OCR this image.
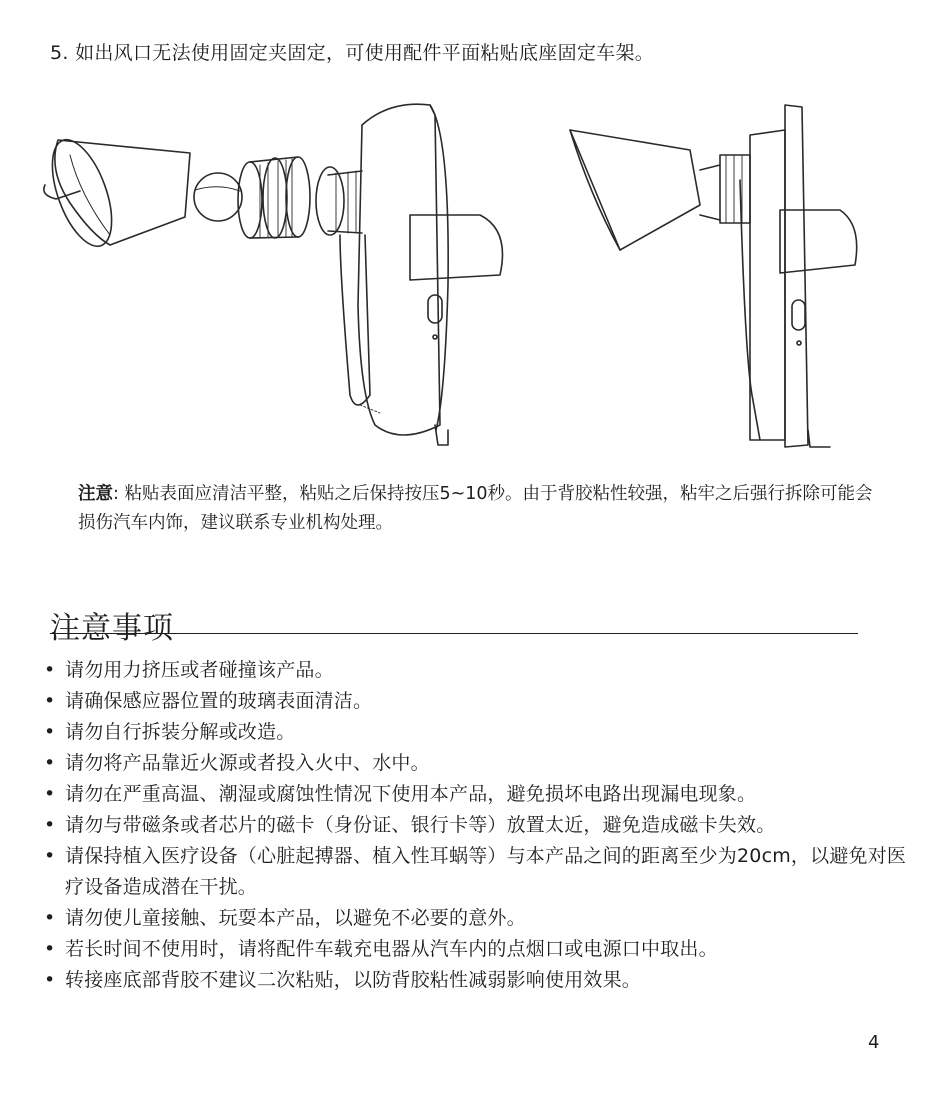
5. 如出风口无法使用固定夹固定，可使用配件平面粘贴底座固定车架。
注意: 粘贴表面应清洁平整，粘贴之后保持按压5~10秒。由于背胶粘性较强，粘牢之后强行拆除可能会损伤汽车内饰，建议联系专业机构处理。
注意事项
• 请勿用力挤压或者碰撞该产品。
• 请确保感应器位置的玻璃表面清洁。
• 请勿自行拆装分解或改造。
• 请勿将产品靠近火源或者投入火中、水中。
• 请勿在严重高温、潮湿或腐蚀性情况下使用本产品，避免损坏电路出现漏电现象。
• 请勿与带磁条或者芯片的磁卡（身份证、银行卡等）放置太近，避免造成磁卡失效。
• 请保持植入医疗设备（心脏起搏器、植入性耳蜗等）与本产品之间的距离至少为20cm，以避免对医疗设备造成潜在干扰。
• 请勿使儿童接触、玩耍本产品，以避免不必要的意外。
• 若长时间不使用时，请将配件车载充电器从汽车内的点烟口或电源口中取出。
• 转接座底部背胶不建议二次粘贴，以防背胶粘性减弱影响使用效果。
4
